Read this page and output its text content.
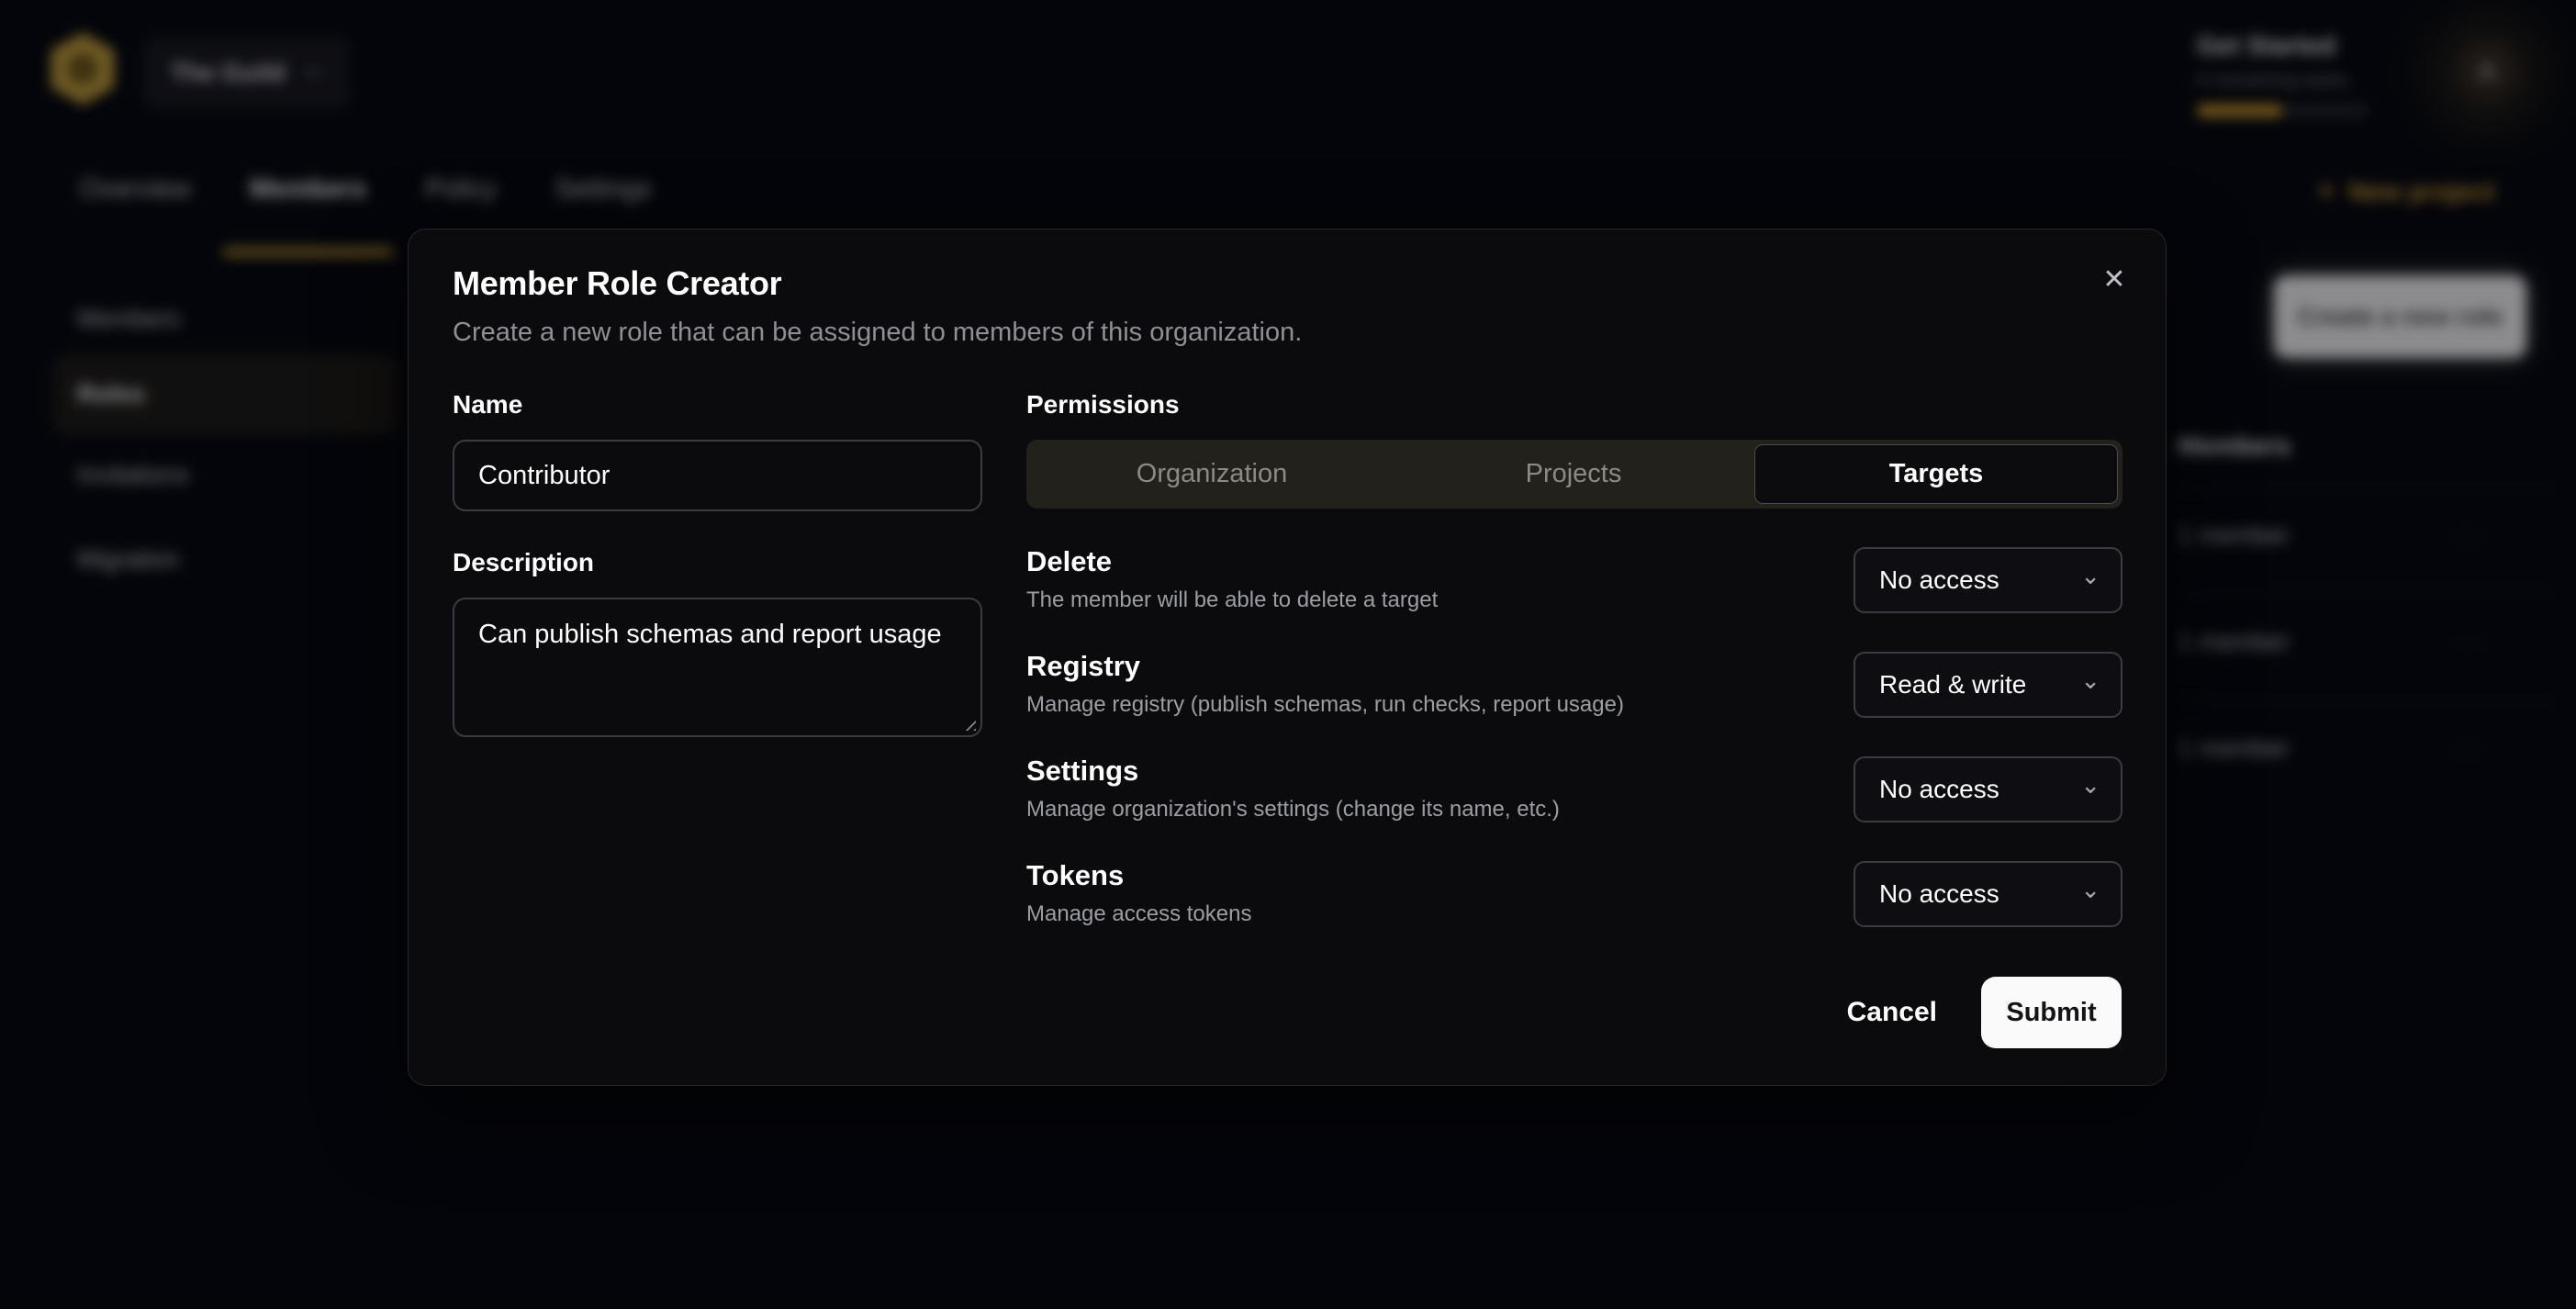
The Guild ⌄
Get Started
4 remaining tasks	A
Overview Members Policy Settings	+ New project
Members
Roles
Invitations
Migration
Create a new role
Members
1 member	···
1 member	···
1 member	···
✕
Member Role Creator
Create a new role that can be assigned to members of this organization.
Name
Contributor
Description
Can publish schemas and report usage
Permissions
Organization	Projects	Targets
Delete
The member will be able to delete a target
No access	⌄
Registry
Manage registry (publish schemas, run checks, report usage)
Read & write ⌄
Settings
Manage organization's settings (change its name, etc.)
No access	⌄
Tokens
Manage access tokens
No access	⌄
Cancel	Submit
